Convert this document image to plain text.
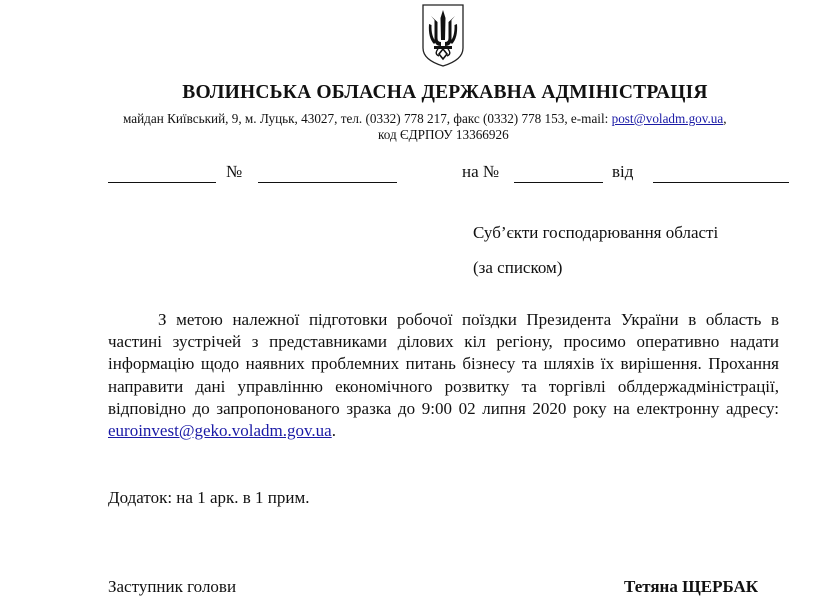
ВОЛИНСЬКА ОБЛАСНА ДЕРЖАВНА АДМІНІСТРАЦІЯ
майдан Київський, 9, м. Луцьк, 43027, тел. (0332) 778 217, факс (0332) 778 153, e-mail: post@voladm.gov.ua,
код ЄДРПОУ 13366926
№	на №	від
Суб’єкти господарювання області
(за списком)
З метою належної підготовки робочої поїздки Президента України в область в частині зустрічей з представниками ділових кіл регіону, просимо оперативно надати інформацію щодо наявних проблемних питань бізнесу та шляхів їх вирішення. Прохання направити дані управлінню економічного розвитку та торгівлі облдержадміністрації, відповідно до запропонованого зразка до 9:00 02 липня 2020 року на електронну адресу: euroinvest@geko.voladm.gov.ua.
Додаток: на 1 арк. в 1 прим.
Заступник голови	Тетяна ЩЕРБАК
